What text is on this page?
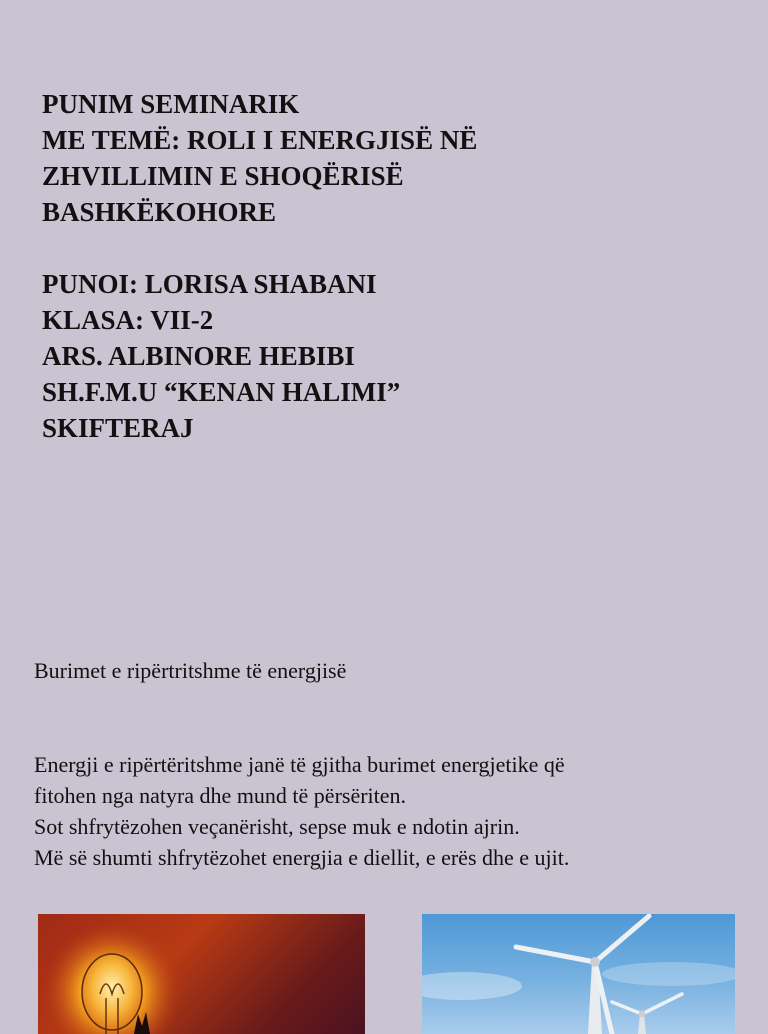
PUNIM SEMINARIK
ME TEMË: ROLI I ENERGJISË NË
ZHVILLIMIN E SHOQËRISË
BASHKËKOHORE
PUNOI: LORISA SHABANI
KLASA: VII-2
ARS. ALBINORE HEBIBI
SH.F.M.U “KENAN HALIMI”
SKIFTERAJ
Burimet e ripërtritshme të energjisë
Energji e ripërtëritshme janë të gjitha burimet energjetike që
fitohen nga natyra dhe mund të përsëriten.
Sot shfrytëzohen veçanërisht, sepse muk e ndotin ajrin.
Më së shumti shfrytëzohet energjia e diellit, e erës dhe e ujit.
